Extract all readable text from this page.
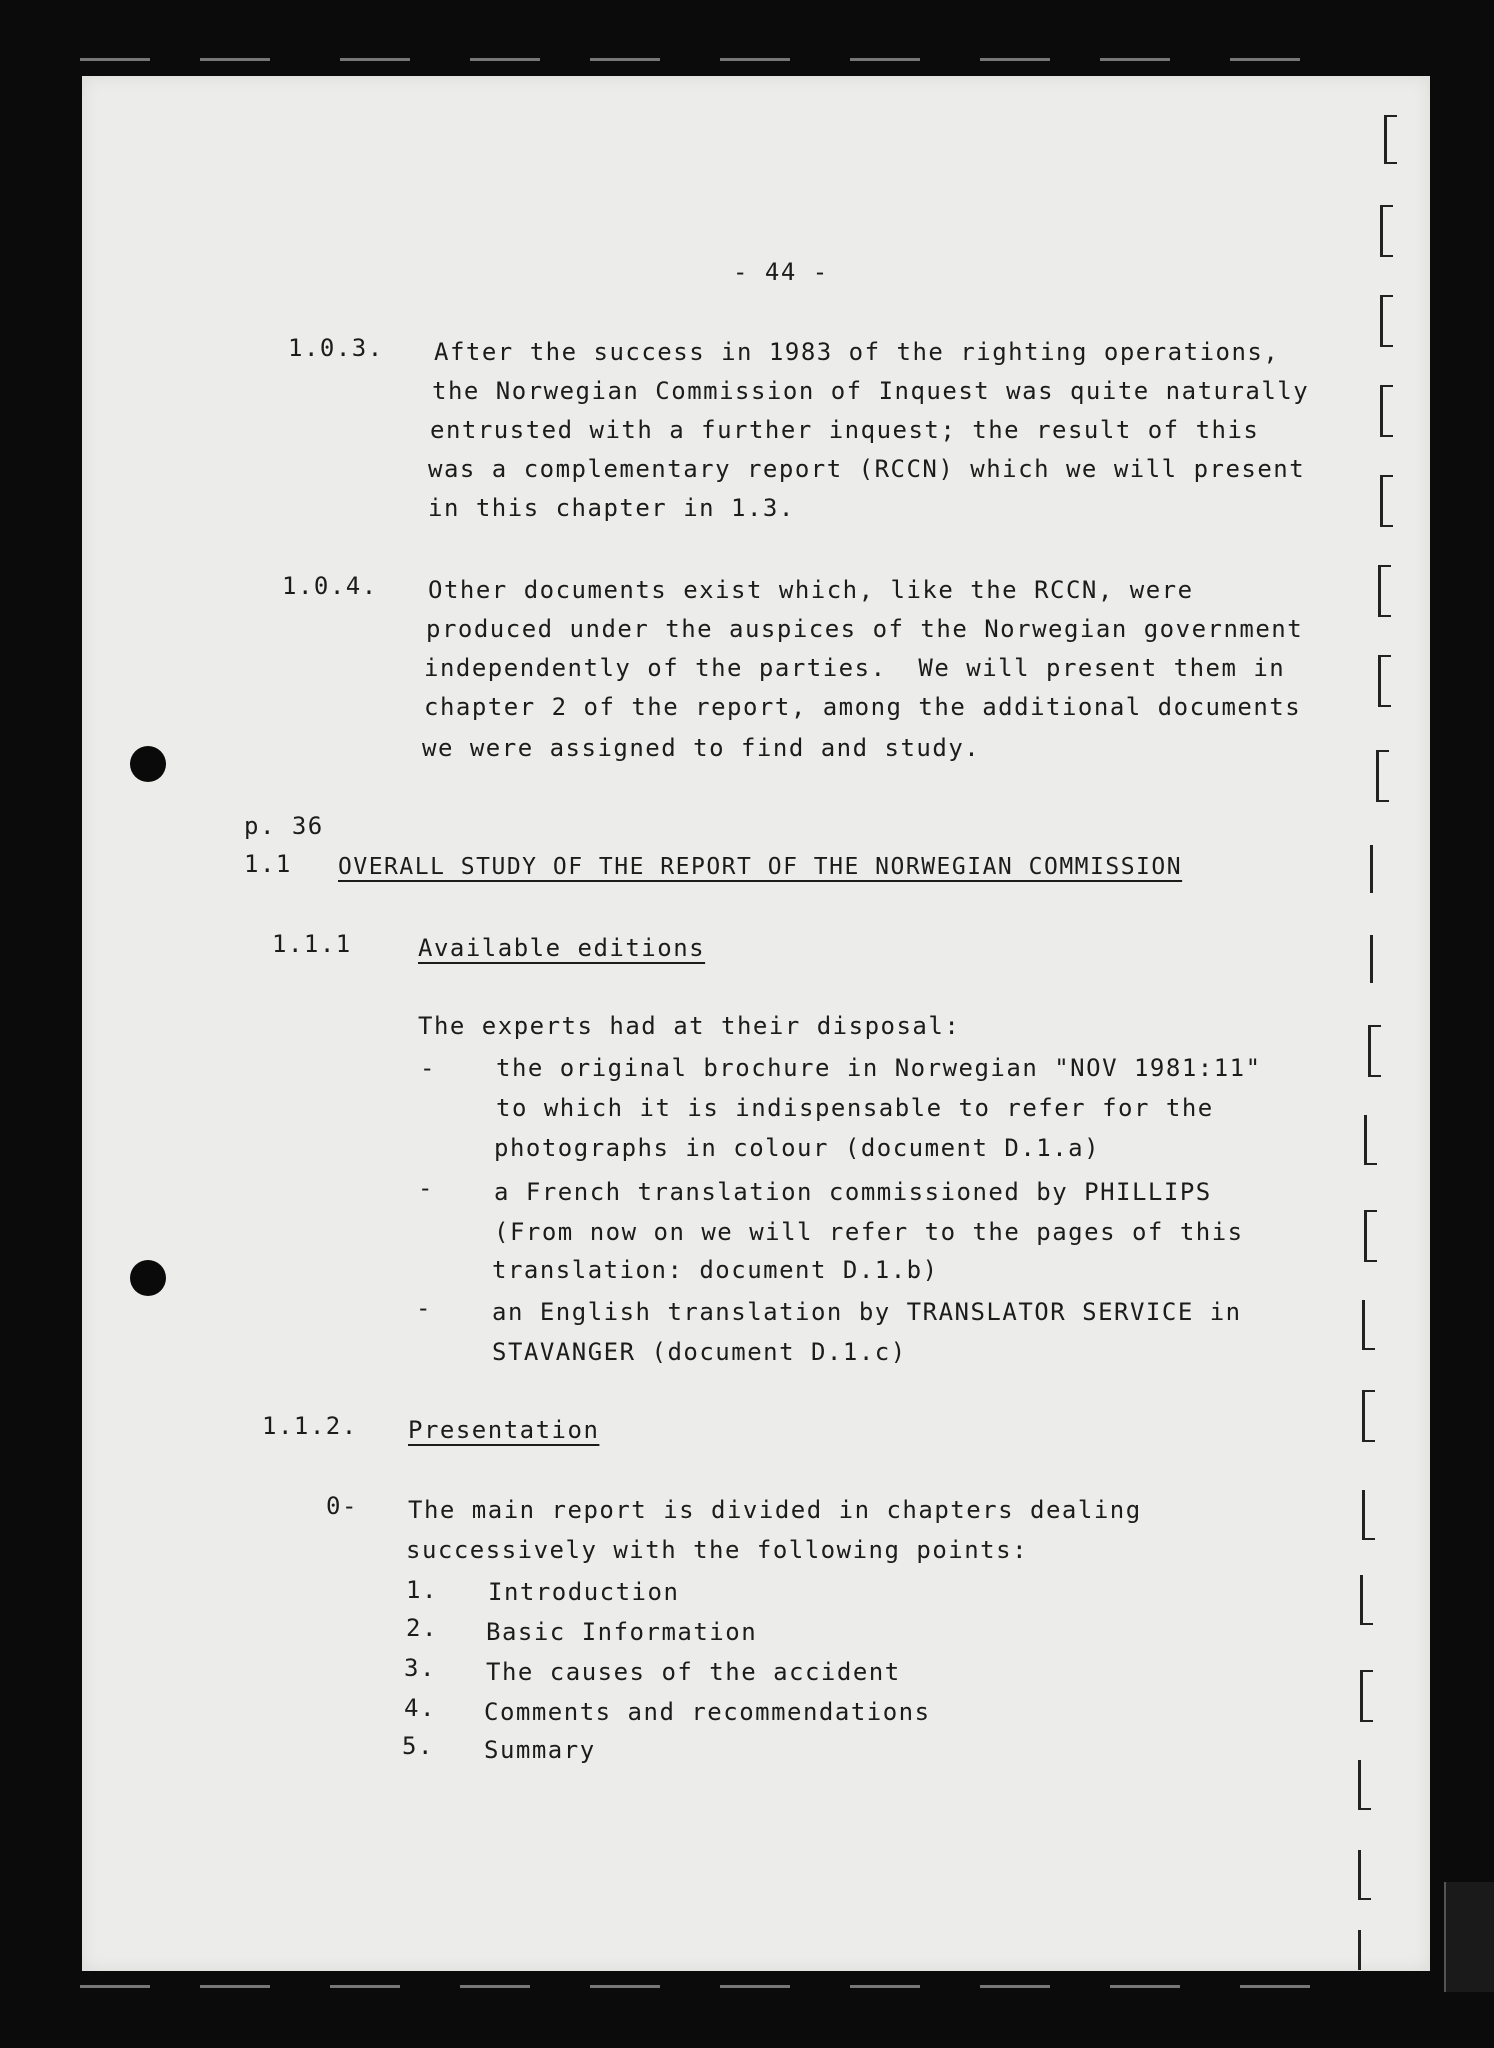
- 44 -
1.0.3. After the success in 1983 of the righting operations,
the Norwegian Commission of Inquest was quite naturally
entrusted with a further inquest; the result of this
was a complementary report (RCCN) which we will present
in this chapter in 1.3.
1.0.4. Other documents exist which, like the RCCN, were
produced under the auspices of the Norwegian government
independently of the parties.  We will present them in
chapter 2 of the report, among the additional documents
we were assigned to find and study.
p. 36
1.1 OVERALL STUDY OF THE REPORT OF THE NORWEGIAN COMMISSION
1.1.1	Available editions
The experts had at their disposal:
-	the original brochure in Norwegian "NOV 1981:11"
to which it is indispensable to refer for the
photographs in colour (document D.1.a)
-	a French translation commissioned by PHILLIPS
(From now on we will refer to the pages of this
translation: document D.1.b)
-	an English translation by TRANSLATOR SERVICE in
STAVANGER (document D.1.c)
1.1.2. Presentation
0- The main report is divided in chapters dealing
successively with the following points:
1. Introduction
2. Basic Information
3. The causes of the accident
4. Comments and recommendations
5. Summary
